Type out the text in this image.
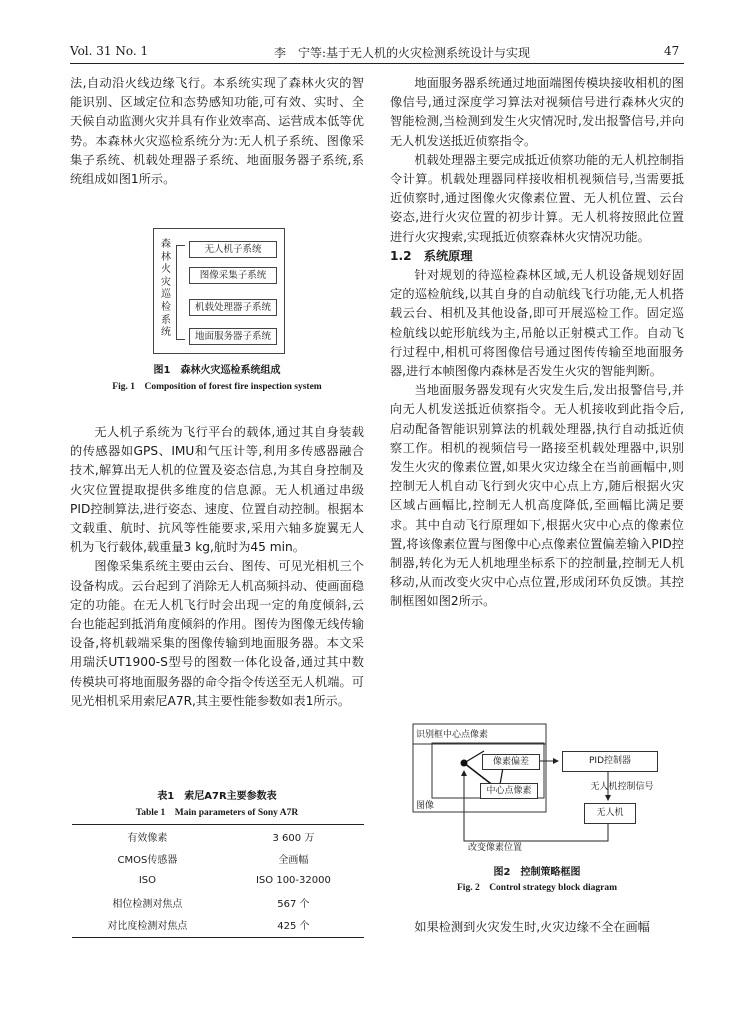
Vol. 31 No. 1	李　宁等:基于无人机的火灾检测系统设计与实现	47

法,自动沿火线边缘飞行。本系统实现了森林火灾的智能识别、区域定位和态势感知功能,可有效、实时、全天候自动监测火灾并具有作业效率高、运营成本低等优势。本森林火灾巡检系统分为:无人机子系统、图像采集子系统、机载处理器子系统、地面服务器子系统,系统组成如图1所示。

森林火灾巡检系统
无人机子系统
图像采集子系统
机载处理器子系统
地面服务器子系统
图1　森林火灾巡检系统组成
Fig. 1　Composition of forest fire inspection system

无人机子系统为飞行平台的载体,通过其自身装载的传感器如GPS、IMU和气压计等,利用多传感器融合技术,解算出无人机的位置及姿态信息,为其自身控制及火灾位置提取提供多维度的信息源。无人机通过串级PID控制算法,进行姿态、速度、位置自动控制。根据本文载重、航时、抗风等性能要求,采用六轴多旋翼无人机为飞行载体,载重量3 kg,航时为45 min。

图像采集系统主要由云台、图传、可见光相机三个设备构成。云台起到了消除无人机高频抖动、使画面稳定的功能。在无人机飞行时会出现一定的角度倾斜,云台也能起到抵消角度倾斜的作用。图传为图像无线传输设备,将机载端采集的图像传输到地面服务器。本文采用瑞沃UT1900-S型号的图数一体化设备,通过其中数传模块可将地面服务器的命令指令传送至无人机端。可见光相机采用索尼A7R,其主要性能参数如表1所示。

表1　索尼A7R主要参数表
Table 1　Main parameters of Sony A7R
有效像素	3 600 万
CMOS传感器	全画幅
ISO	ISO 100-32000
相位检测对焦点	567 个
对比度检测对焦点	425 个

地面服务器系统通过地面端图传模块接收相机的图像信号,通过深度学习算法对视频信号进行森林火灾的智能检测,当检测到发生火灾情况时,发出报警信号,并向无人机发送抵近侦察指令。

机载处理器主要完成抵近侦察功能的无人机控制指令计算。机载处理器同样接收相机视频信号,当需要抵近侦察时,通过图像火灾像素位置、无人机位置、云台姿态,进行火灾位置的初步计算。无人机将按照此位置进行火灾搜索,实现抵近侦察森林火灾情况功能。

1.2　系统原理

针对规划的待巡检森林区域,无人机设备规划好固定的巡检航线,以其自身的自动航线飞行功能,无人机搭载云台、相机及其他设备,即可开展巡检工作。固定巡检航线以蛇形航线为主,吊舱以正射模式工作。自动飞行过程中,相机可将图像信号通过图传传输至地面服务器,进行本帧图像内森林是否发生火灾的智能判断。

当地面服务器发现有火灾发生后,发出报警信号,并向无人机发送抵近侦察指令。无人机接收到此指令后,启动配备智能识别算法的机载处理器,执行自动抵近侦察工作。相机的视频信号一路接至机载处理器中,识别发生火灾的像素位置,如果火灾边缘全在当前画幅中,则控制无人机自动飞行到火灾中心点上方,随后根据火灾区域占画幅比,控制无人机高度降低,至画幅比满足要求。其中自动飞行原理如下,根据火灾中心点的像素位置,将该像素位置与图像中心点像素位置偏差输入PID控制器,转化为无人机地理坐标系下的控制量,控制无人机移动,从而改变火灾中心点位置,形成闭环负反馈。其控制框图如图2所示。

识别框中心点像素
像素偏差
中心点像素
图像
PID控制器
无人机控制信号
无人机
改变像素位置
图2　控制策略框图
Fig. 2　Control strategy block diagram

如果检测到火灾发生时,火灾边缘不全在画幅
